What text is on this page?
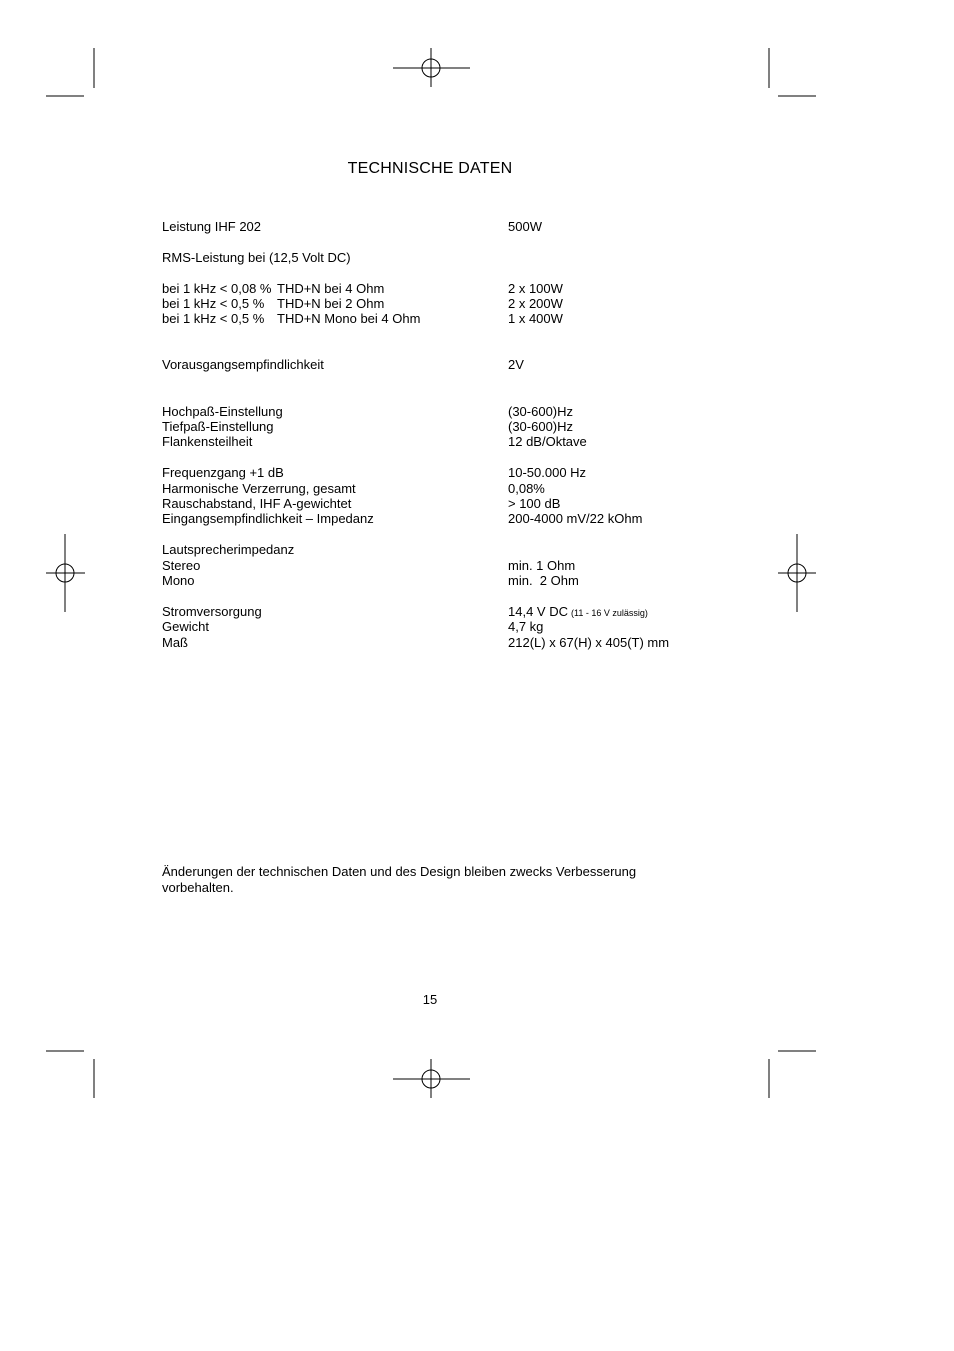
TECHNISCHE DATEN
Leistung IHF 202	500W
RMS-Leistung bei (12,5 Volt DC)
bei 1 kHz < 0,08 % THD+N bei 4 Ohm	2 x 100W
bei 1 kHz < 0,5 % THD+N bei 2 Ohm	2 x 200W
bei 1 kHz < 0,5 % THD+N Mono bei 4 Ohm	1 x 400W
Vorausgangsempfindlichkeit	2V
Hochpaß-Einstellung	(30-600)Hz
Tiefpaß-Einstellung	(30-600)Hz
Flankensteilheit	12 dB/Oktave
Frequenzgang +1 dB	10-50.000 Hz
Harmonische Verzerrung, gesamt	0,08%
Rauschabstand, IHF A-gewichtet	> 100 dB
Eingangsempfindlichkeit – Impedanz	200-4000 mV/22 kOhm
Lautsprecherimpedanz
Stereo	min. 1 Ohm
Mono	min.  2 Ohm
Stromversorgung	14,4 V DC (11 - 16 V zulässig)
Gewicht	4,7 kg
Maß	212(L) x 67(H) x 405(T) mm
Änderungen der technischen Daten und des Design bleiben zwecks Verbesserung vorbehalten.
15
